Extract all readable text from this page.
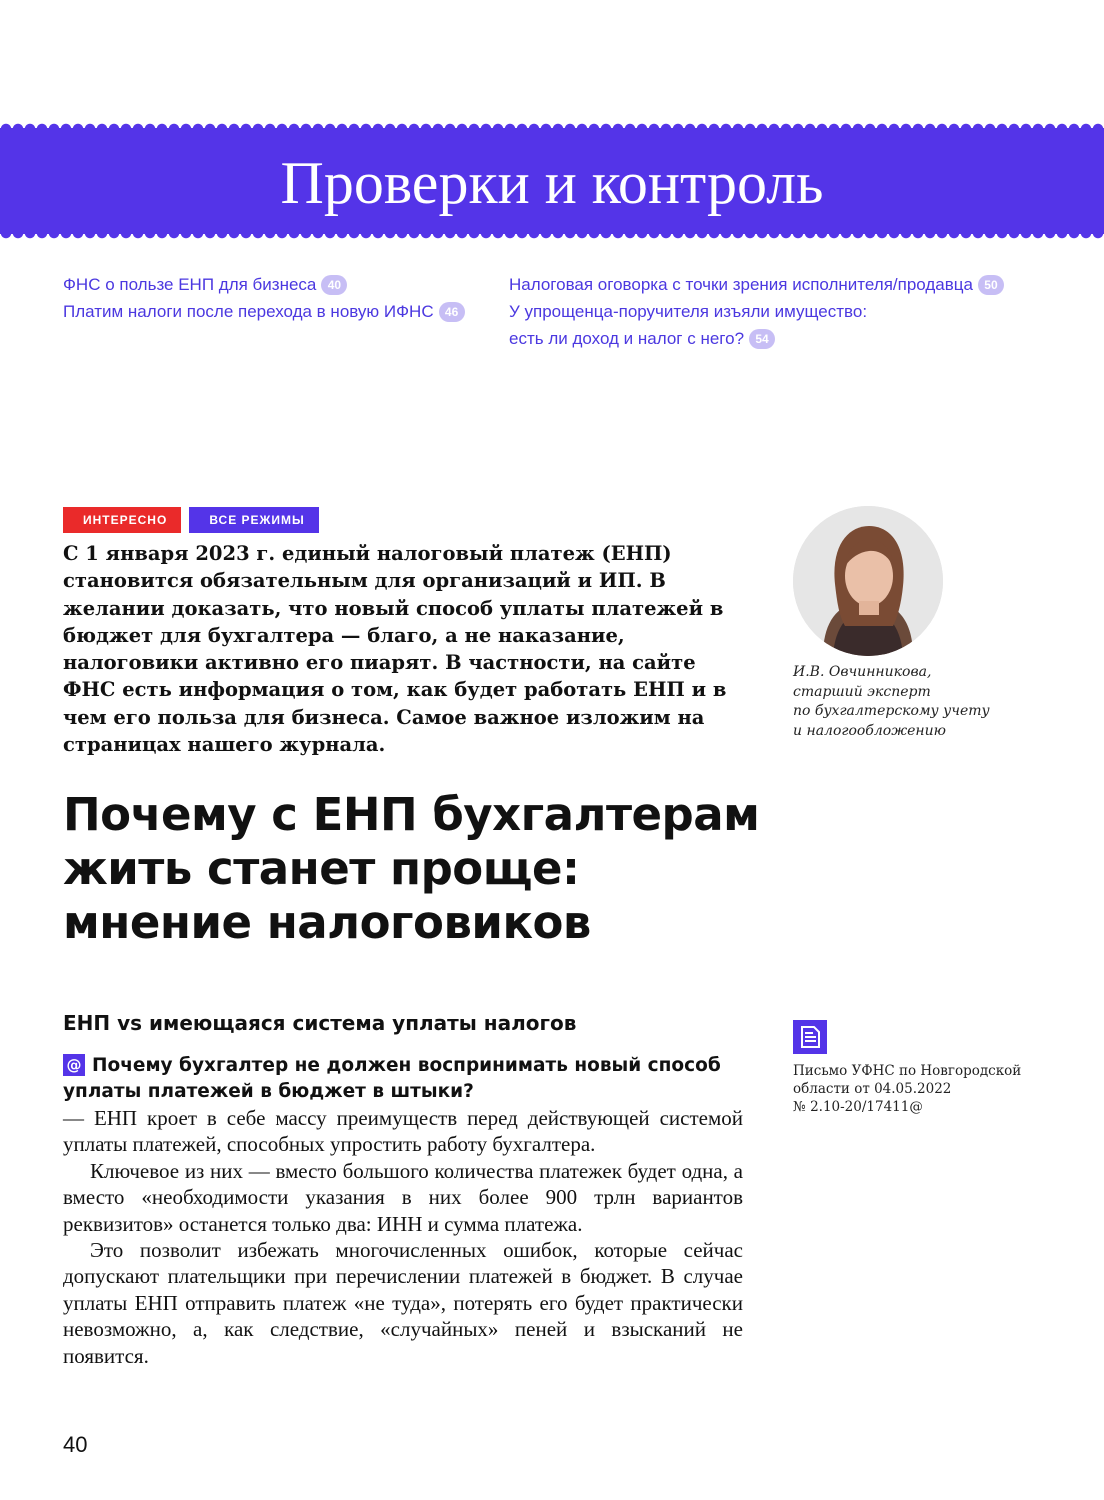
Проверки и контроль
ФНС о пользе ЕНП для бизнеса 40
Платим налоги после перехода в новую ИФНС 46
Налоговая оговорка с точки зрения исполнителя/продавца 50
У упрощенца-поручителя изъяли имущество:
есть ли доход и налог с него? 54
ИНТЕРЕСНО	ВСЕ РЕЖИМЫ
С 1 января 2023 г. единый налоговый платеж (ЕНП) становится обязательным для организаций и ИП. В желании доказать, что новый способ уплаты платежей в бюджет для бухгалтера — благо, а не наказание, налоговики активно его пиарят. В частности, на сайте ФНС есть информация о том, как будет работать ЕНП и в чем его польза для бизнеса. Самое важное изложим на страницах нашего журнала.
И.В. Овчинникова,
старший эксперт
по бухгалтерскому учету
и налогообложению
Почему с ЕНП бухгалтерам
жить станет проще:
мнение налоговиков
ЕНП vs имеющаяся система уплаты налогов
@ Почему бухгалтер не должен воспринимать новый способ уплаты платежей в бюджет в штыки?

— ЕНП кроет в себе массу преимуществ перед действующей системой уплаты платежей, способных упростить работу бухгалтера.

Ключевое из них — вместо большого количества платежек будет одна, а вместо «необходимости указания в них более 900 трлн вариантов реквизитов» останется только два: ИНН и сумма платежа.

Это позволит избежать многочисленных ошибок, которые сейчас допускают плательщики при перечислении платежей в бюджет. В случае уплаты ЕНП отправить платеж «не туда», потерять его будет практически невозможно, а, как следствие, «случайных» пеней и взысканий не появится.

Письмо УФНС по Новгородской
области от 04.05.2022
№ 2.10-20/17411@
40
